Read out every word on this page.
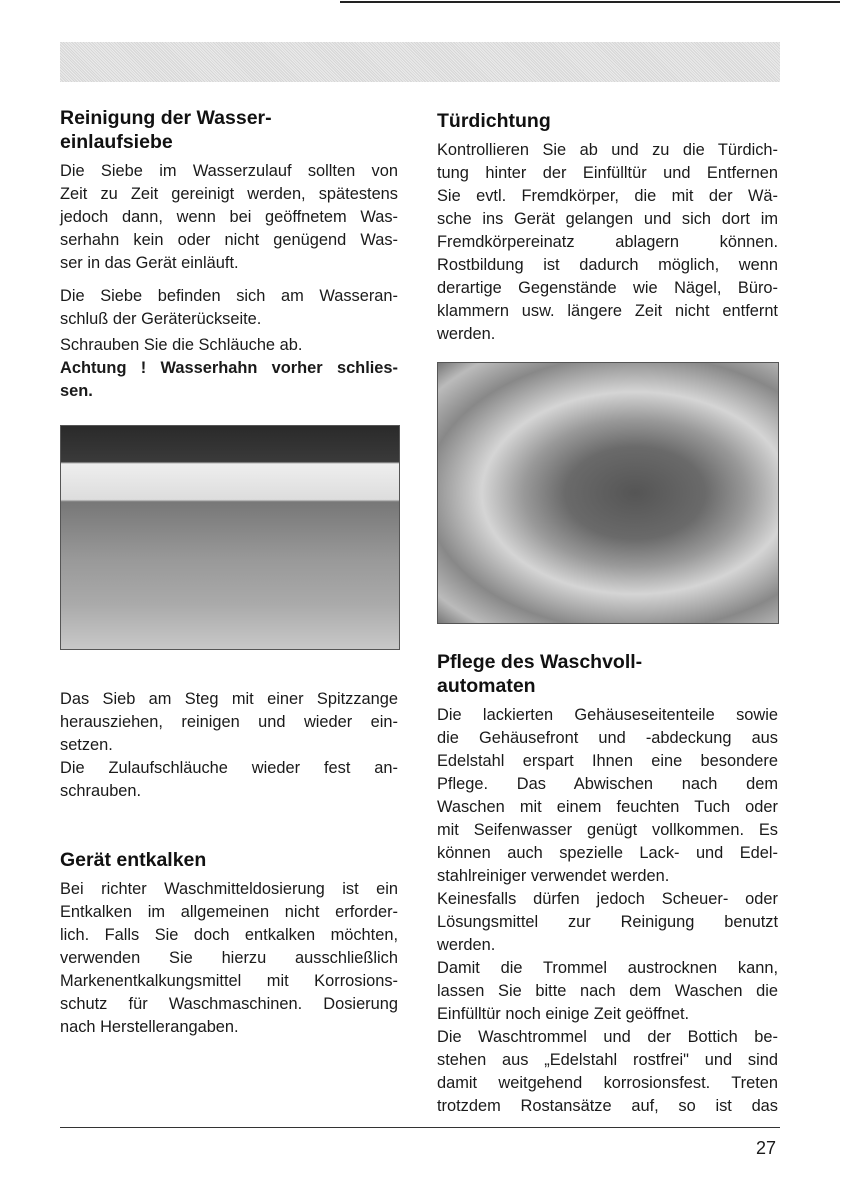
Reinigung der Wasser-
einlaufsiebe
Die Siebe im Wasserzulauf sollten von
Zeit zu Zeit gereinigt werden, spätestens
jedoch dann, wenn bei geöffnetem Was-
serhahn kein oder nicht genügend Was-
ser in das Gerät einläuft.
Die Siebe befinden sich am Wasseran-
schluß der Geräterückseite.
Schrauben Sie die Schläuche ab.
Achtung ! Wasserhahn vorher schlies-
sen.
Das Sieb am Steg mit einer Spitzzange
herausziehen, reinigen und wieder ein-
setzen.
Die Zulaufschläuche wieder fest an-
schrauben.
Gerät entkalken
Bei richter Waschmitteldosierung ist ein
Entkalken im allgemeinen nicht erforder-
lich. Falls Sie doch entkalken möchten,
verwenden Sie hierzu ausschließlich
Markenentkalkungsmittel mit Korrosions-
schutz für Waschmaschinen. Dosierung
nach Herstellerangaben.
Türdichtung
Kontrollieren Sie ab und zu die Türdich-
tung hinter der Einfülltür und Entfernen
Sie evtl. Fremdkörper, die mit der Wä-
sche ins Gerät gelangen und sich dort im
Fremdkörpereinatz ablagern können.
Rostbildung ist dadurch möglich, wenn
derartige Gegenstände wie Nägel, Büro-
klammern usw. längere Zeit nicht entfernt
werden.
Pflege des Waschvoll-
automaten
Die lackierten Gehäuseseitenteile sowie
die Gehäusefront und -abdeckung aus
Edelstahl erspart Ihnen eine besondere
Pflege. Das Abwischen nach dem
Waschen mit einem feuchten Tuch oder
mit Seifenwasser genügt vollkommen. Es
können auch spezielle Lack- und Edel-
stahlreiniger verwendet werden.
Keinesfalls dürfen jedoch Scheuer- oder
Lösungsmittel zur Reinigung benutzt
werden.
Damit die Trommel austrocknen kann,
lassen Sie bitte nach dem Waschen die
Einfülltür noch einige Zeit geöffnet.
Die Waschtrommel und der Bottich be-
stehen aus „Edelstahl rostfrei" und sind
damit weitgehend korrosionsfest. Treten
trotzdem Rostansätze auf, so ist das
27
